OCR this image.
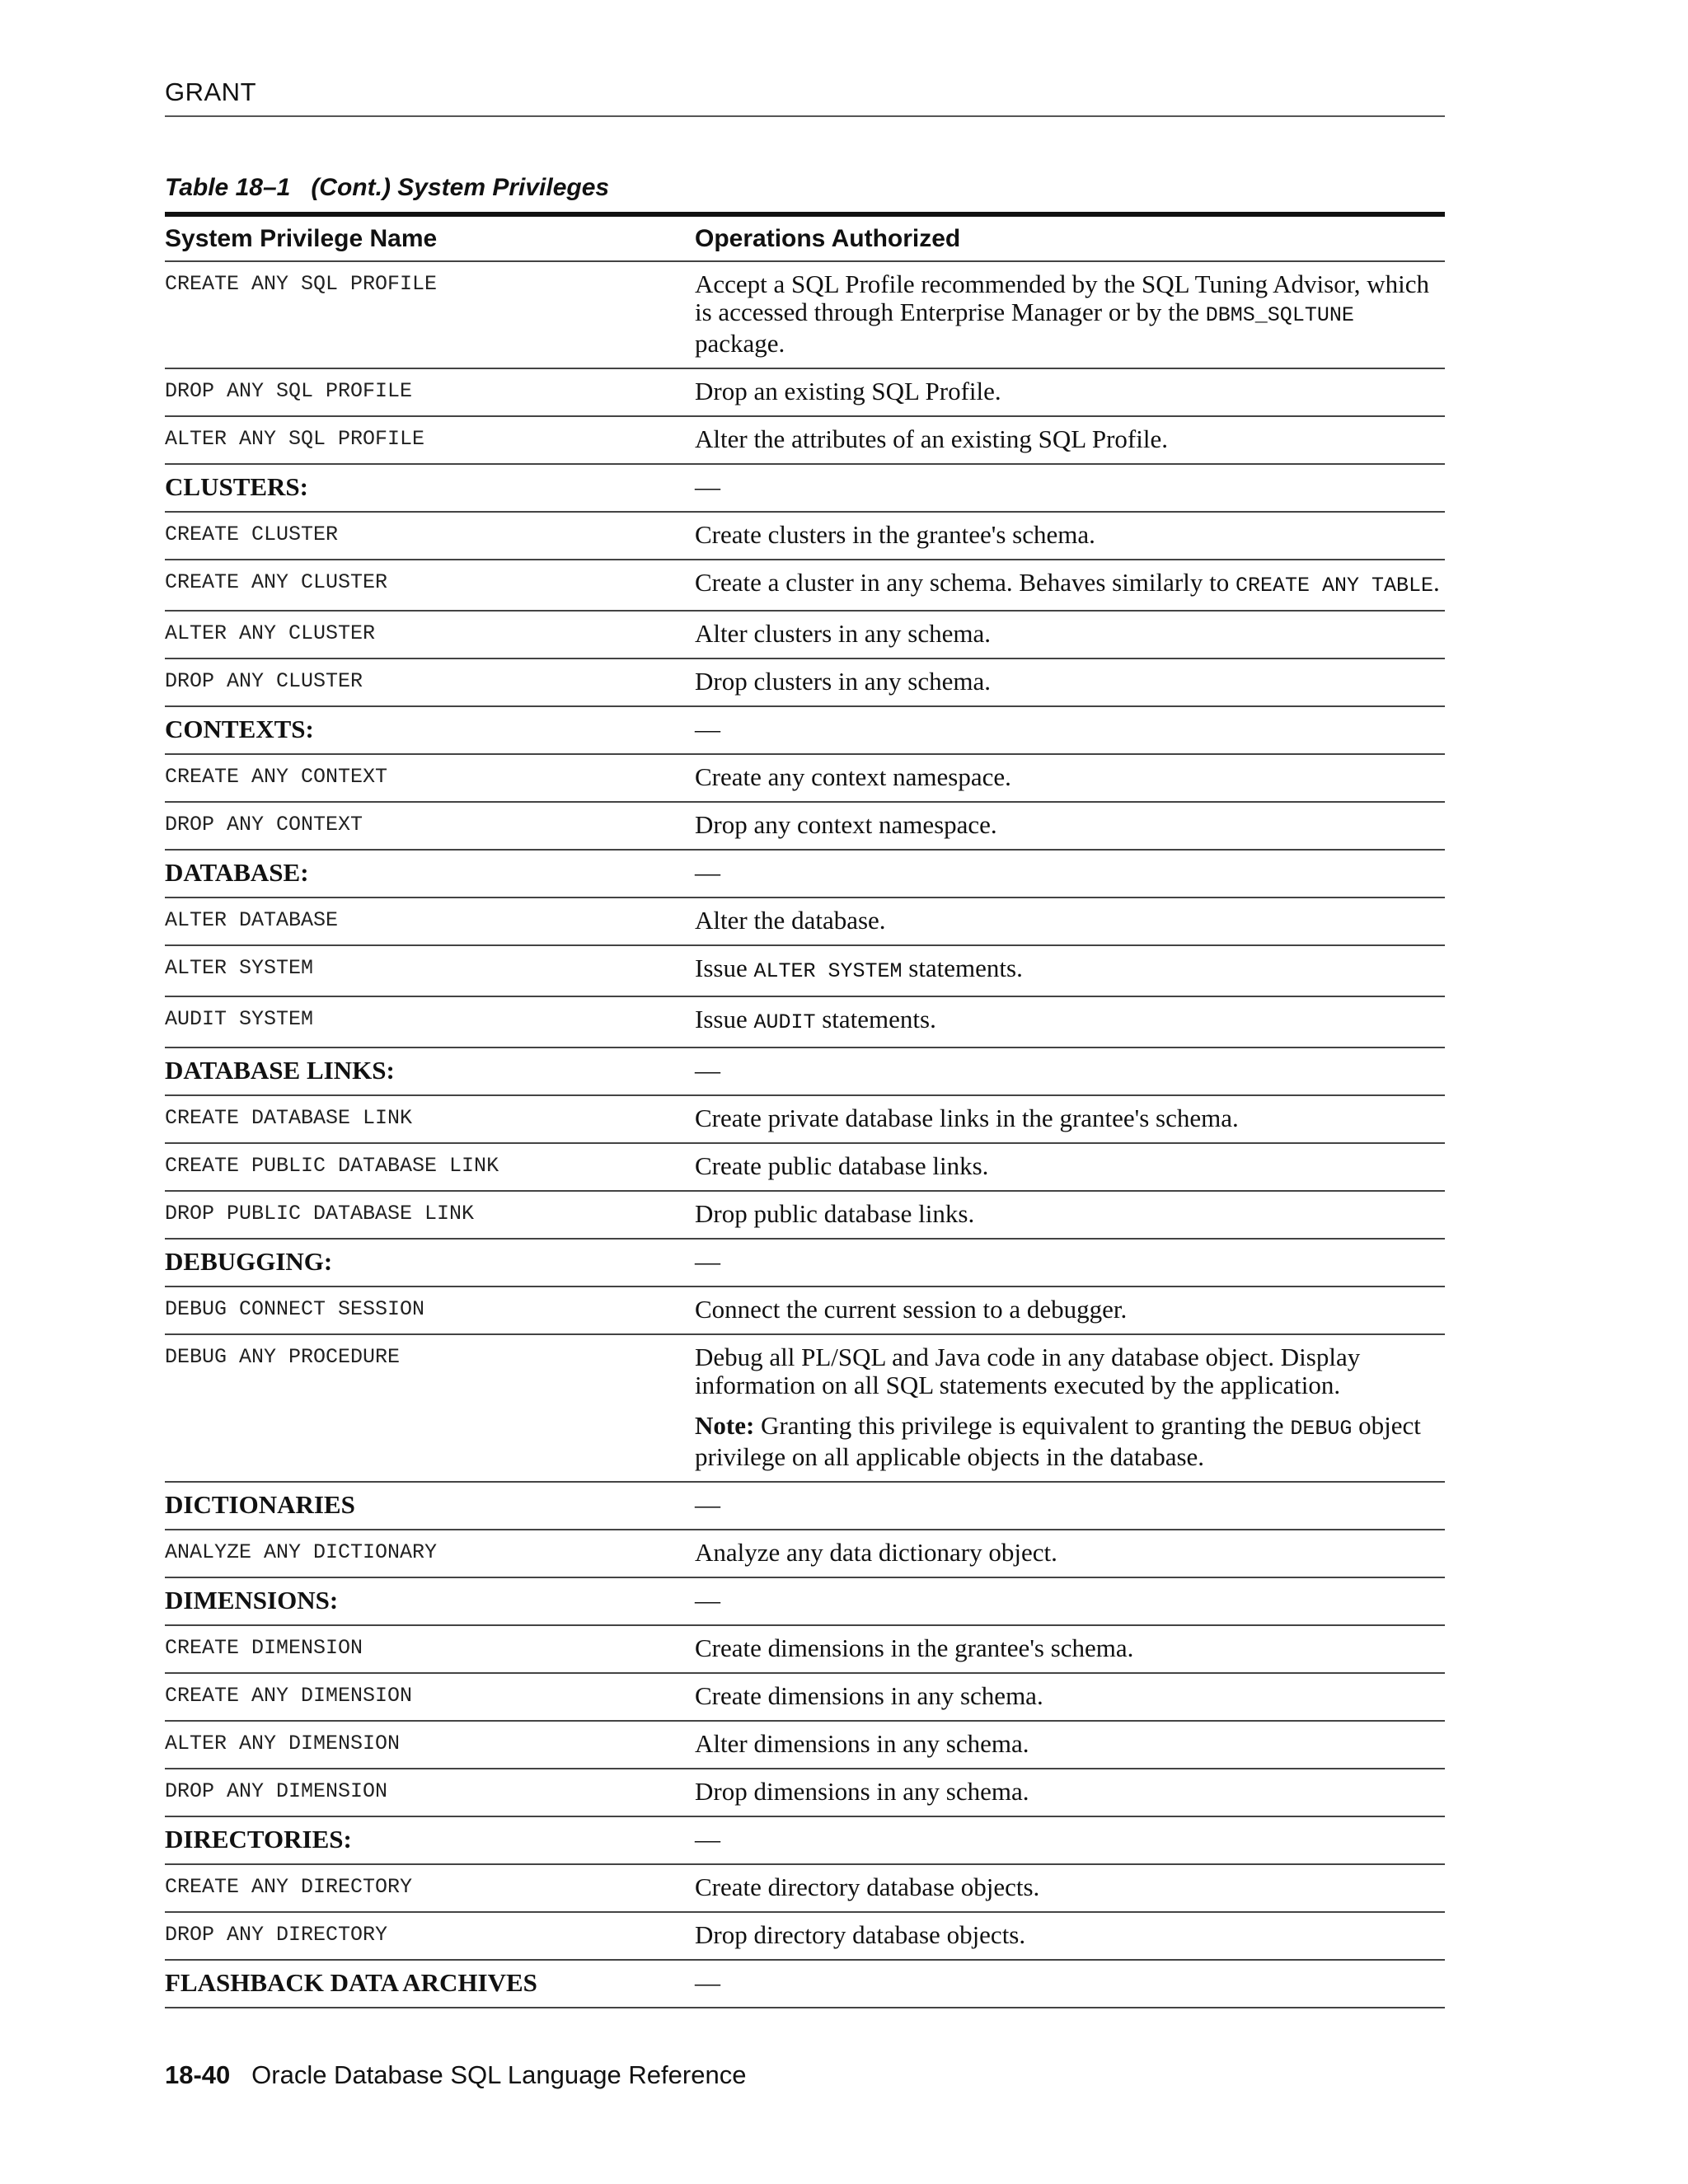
GRANT
Table 18–1   (Cont.) System Privileges
System Privilege Name	Operations Authorized
CREATE ANY SQL PROFILE	Accept a SQL Profile recommended by the SQL Tuning Advisor, which is accessed through Enterprise Manager or by the DBMS_SQLTUNE package.

DROP ANY SQL PROFILE	Drop an existing SQL Profile.

ALTER ANY SQL PROFILE	Alter the attributes of an existing SQL Profile.

CLUSTERS:	—

CREATE CLUSTER	Create clusters in the grantee's schema.

CREATE ANY CLUSTER	Create a cluster in any schema. Behaves similarly to CREATE ANY TABLE.

ALTER ANY CLUSTER	Alter clusters in any schema.

DROP ANY CLUSTER	Drop clusters in any schema.

CONTEXTS:	—

CREATE ANY CONTEXT	Create any context namespace.

DROP ANY CONTEXT	Drop any context namespace.

DATABASE:	—

ALTER DATABASE	Alter the database.

ALTER SYSTEM	Issue ALTER SYSTEM statements.

AUDIT SYSTEM	Issue AUDIT statements.

DATABASE LINKS:	—

CREATE DATABASE LINK	Create private database links in the grantee's schema.

CREATE PUBLIC DATABASE LINK	Create public database links.

DROP PUBLIC DATABASE LINK	Drop public database links.

DEBUGGING:	—

DEBUG CONNECT SESSION	Connect the current session to a debugger.

DEBUG ANY PROCEDURE	Debug all PL/SQL and Java code in any database object. Display information on all SQL statements executed by the application.

Note: Granting this privilege is equivalent to granting the DEBUG object privilege on all applicable objects in the database.

DICTIONARIES	—

ANALYZE ANY DICTIONARY	Analyze any data dictionary object.

DIMENSIONS:	—

CREATE DIMENSION	Create dimensions in the grantee's schema.

CREATE ANY DIMENSION	Create dimensions in any schema.

ALTER ANY DIMENSION	Alter dimensions in any schema.

DROP ANY DIMENSION	Drop dimensions in any schema.

DIRECTORIES:	—

CREATE ANY DIRECTORY	Create directory database objects.

DROP ANY DIRECTORY	Drop directory database objects.

FLASHBACK DATA ARCHIVES	—

18-40 Oracle Database SQL Language Reference
